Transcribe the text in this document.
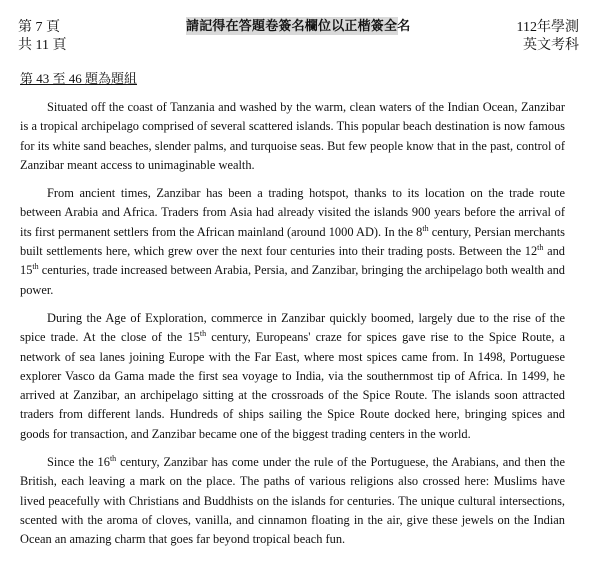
第 7 頁
共 11 頁
請記得在答題卷簽名欄位以正楷簽全名	112年學測
英文考科
第 43 至 46 題為題組

Situated off the coast of Tanzania and washed by the warm, clean waters of the Indian Ocean, Zanzibar is a tropical archipelago comprised of several scattered islands. This popular beach destination is now famous for its white sand beaches, slender palms, and turquoise seas. But few people know that in the past, control of Zanzibar meant access to unimaginable wealth.

From ancient times, Zanzibar has been a trading hotspot, thanks to its location on the trade route between Arabia and Africa. Traders from Asia had already visited the islands 900 years before the arrival of its first permanent settlers from the African mainland (around 1000 AD). In the 8th century, Persian merchants built settlements here, which grew over the next four centuries into their trading posts. Between the 12th and 15th centuries, trade increased between Arabia, Persia, and Zanzibar, bringing the archipelago both wealth and power.

During the Age of Exploration, commerce in Zanzibar quickly boomed, largely due to the rise of the spice trade. At the close of the 15th century, Europeans' craze for spices gave rise to the Spice Route, a network of sea lanes joining Europe with the Far East, where most spices came from. In 1498, Portuguese explorer Vasco da Gama made the first sea voyage to India, via the southernmost tip of Africa. In 1499, he arrived at Zanzibar, an archipelago sitting at the crossroads of the Spice Route. The islands soon attracted traders from different lands. Hundreds of ships sailing the Spice Route docked here, bringing spices and goods for transaction, and Zanzibar became one of the biggest trading centers in the world.

Since the 16th century, Zanzibar has come under the rule of the Portuguese, the Arabians, and then the British, each leaving a mark on the place. The paths of various religions also crossed here: Muslims have lived peacefully with Christians and Buddhists on the islands for centuries. The unique cultural intersections, scented with the aroma of cloves, vanilla, and cinnamon floating in the air, give these jewels on the Indian Ocean an amazing charm that goes far beyond tropical beach fun.
